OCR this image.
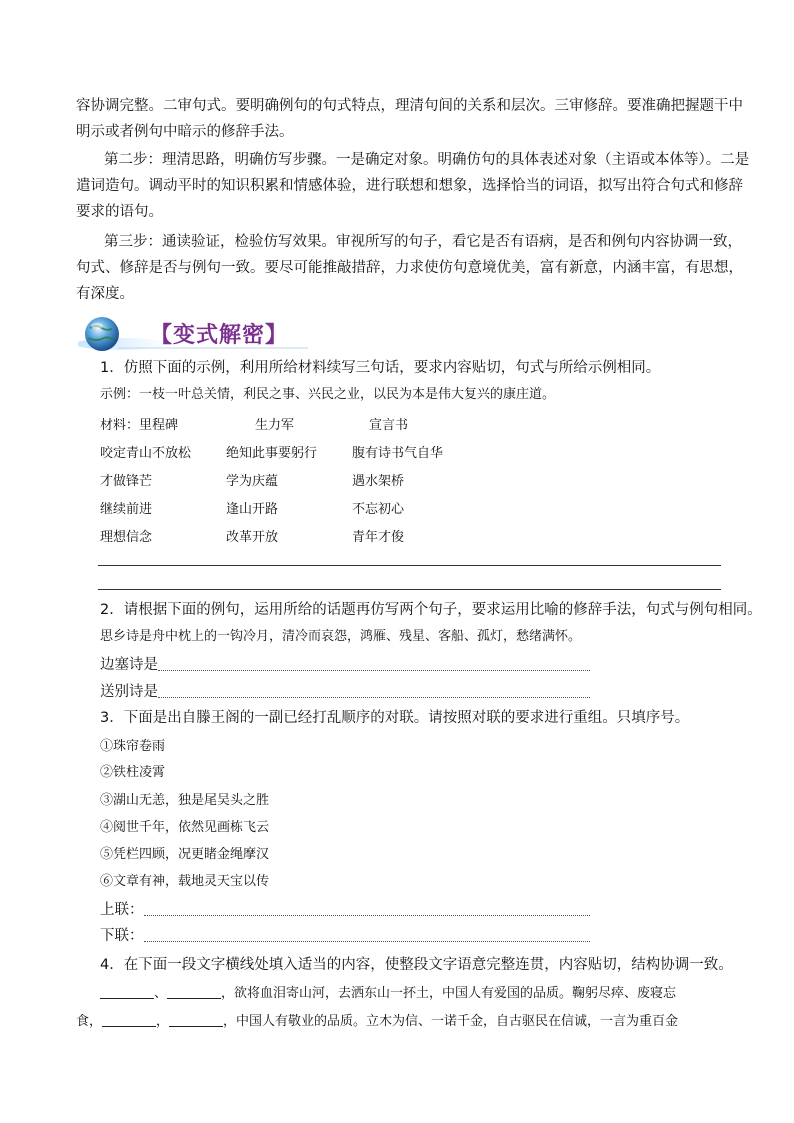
容协调完整。二审句式。要明确例句的句式特点，理清句间的关系和层次。三审修辞。要准确把握题干中
明示或者例句中暗示的修辞手法。
第二步：理清思路，明确仿写步骤。一是确定对象。明确仿句的具体表述对象（主语或本体等）。二是
遣词造句。调动平时的知识积累和情感体验，进行联想和想象，选择恰当的词语，拟写出符合句式和修辞
要求的语句。
第三步：通读验证，检验仿写效果。审视所写的句子，看它是否有语病，是否和例句内容协调一致，
句式、修辞是否与例句一致。要尽可能推敲措辞，力求使仿句意境优美，富有新意，内涵丰富，有思想，
有深度。
【变式解密】
1．仿照下面的示例，利用所给材料续写三句话，要求内容贴切，句式与所给示例相同。
示例：一枝一叶总关情，利民之事、兴民之业，以民为本是伟大复兴的康庄道。
材料：里程碑	生力军	宣言书
咬定青山不放松	绝知此事要躬行	腹有诗书气自华
才做锋芒	学为庆蕴	遇水架桥
继续前进	逢山开路	不忘初心
理想信念	改革开放	青年才俊
2．请根据下面的例句，运用所给的话题再仿写两个句子，要求运用比喻的修辞手法，句式与例句相同。
思乡诗是舟中枕上的一钩冷月，清冷而哀怨，鸿雁、残星、客船、孤灯，愁绪满怀。
边塞诗是
送别诗是
3．下面是出自滕王阁的一副已经打乱顺序的对联。请按照对联的要求进行重组。只填序号。
①珠帘卷雨
②铁柱凌霄
③湖山无恙，独是尾吴头之胜
④阅世千年，依然见画栋飞云
⑤凭栏四顾，况更睹金绳摩汉
⑥文章有神，载地灵天宝以传
上联：
下联：
4．在下面一段文字横线处填入适当的内容，使整段文字语意完整连贯，内容贴切，结构协调一致。
、	，欲将血泪寄山河，去洒东山一抔土，中国人有爱国的品质。鞠躬尽瘁、废寝忘
食，	，	，中国人有敬业的品质。立木为信、一诺千金，自古驱民在信诚，一言为重百金
